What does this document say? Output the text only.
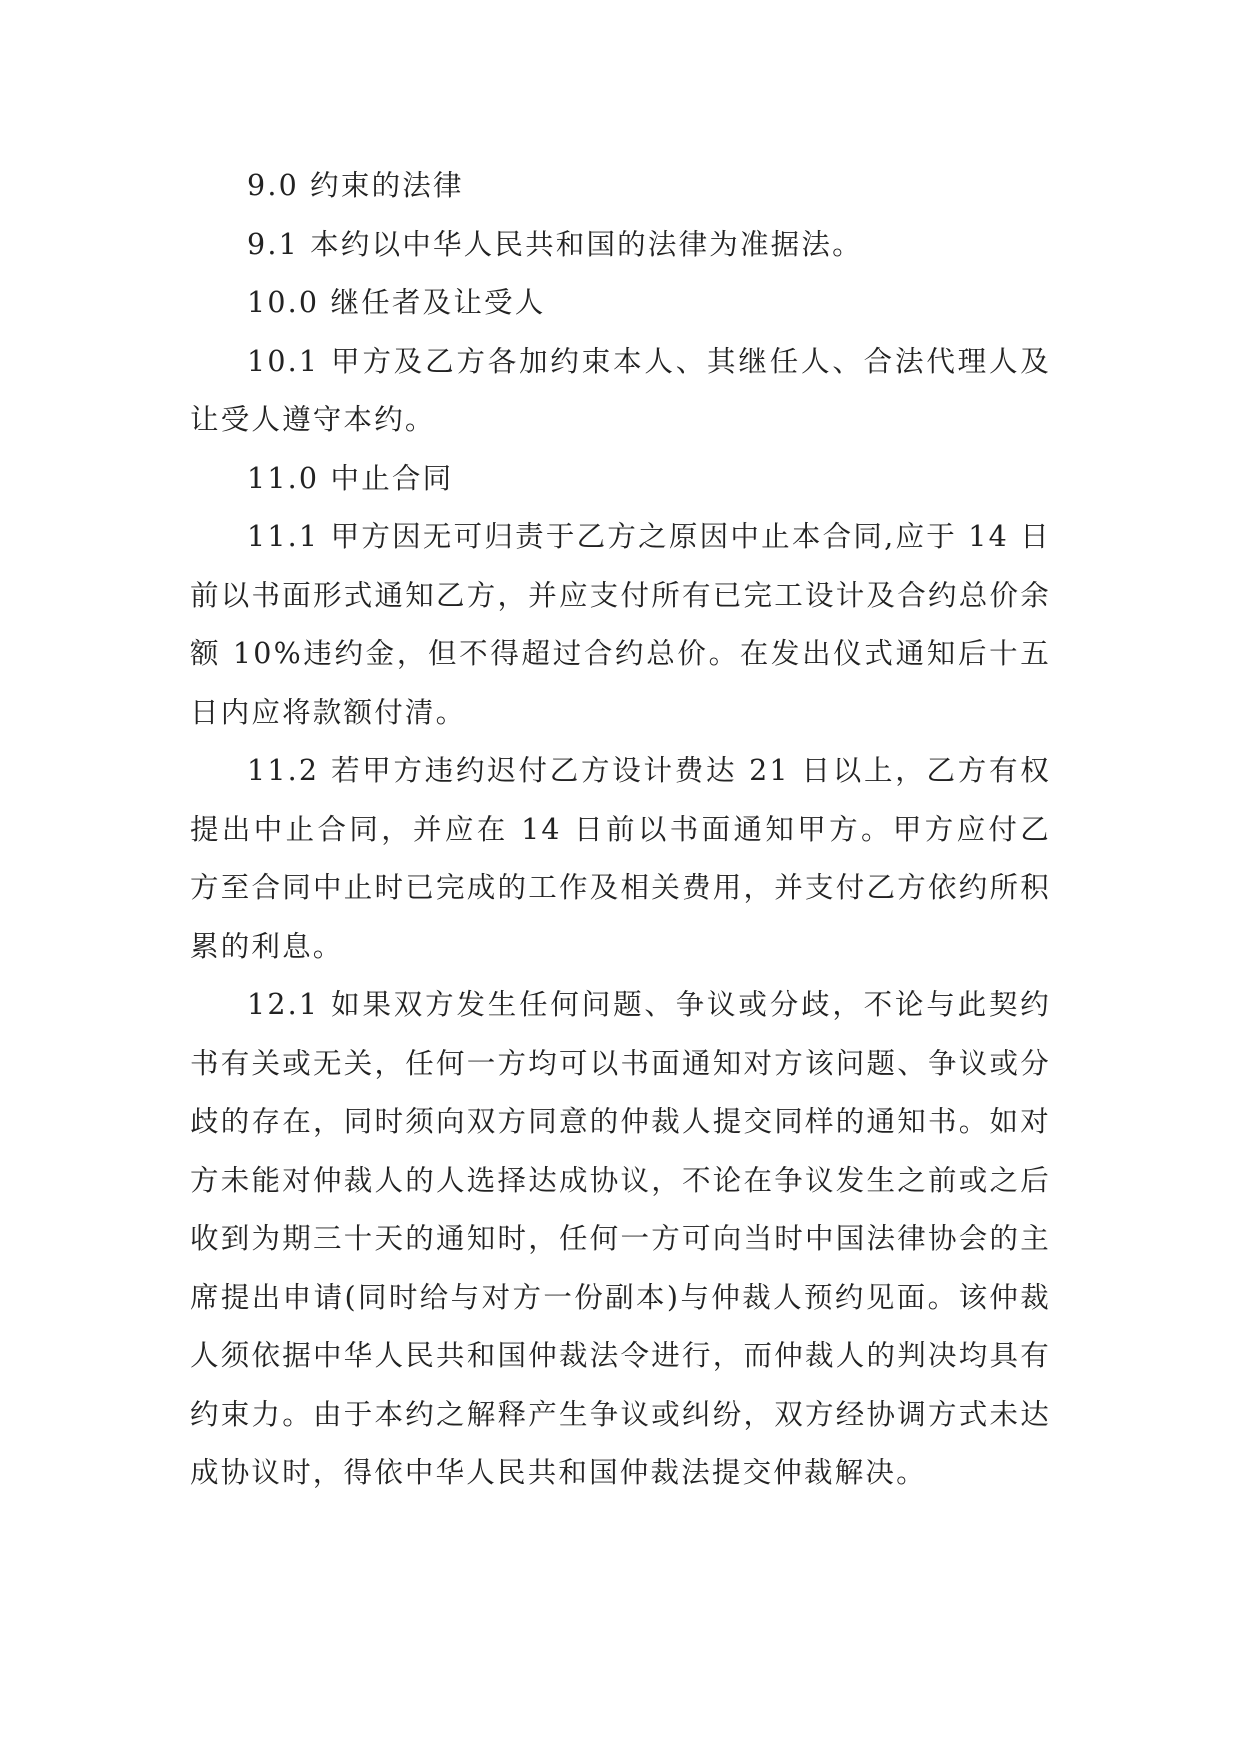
9.0 约束的法律

9.1 本约以中华人民共和国的法律为准据法。

10.0 继任者及让受人

10.1 甲方及乙方各加约束本人、其继任人、合法代理人及让受人遵守本约。

11.0 中止合同

11.1 甲方因无可归责于乙方之原因中止本合同,应于 14 日前以书面形式通知乙方，并应支付所有已完工设计及合约总价余额 10%违约金，但不得超过合约总价。在发出仪式通知后十五日内应将款额付清。

11.2 若甲方违约迟付乙方设计费达 21 日以上，乙方有权提出中止合同，并应在 14 日前以书面通知甲方。甲方应付乙方至合同中止时已完成的工作及相关费用，并支付乙方依约所积累的利息。

12.1 如果双方发生任何问题、争议或分歧，不论与此契约书有关或无关，任何一方均可以书面通知对方该问题、争议或分歧的存在，同时须向双方同意的仲裁人提交同样的通知书。如对方未能对仲裁人的人选择达成协议，不论在争议发生之前或之后收到为期三十天的通知时，任何一方可向当时中国法律协会的主席提出申请(同时给与对方一份副本)与仲裁人预约见面。该仲裁人须依据中华人民共和国仲裁法令进行，而仲裁人的判决均具有约束力。由于本约之解释产生争议或纠纷，双方经协调方式未达成协议时，得依中华人民共和国仲裁法提交仲裁解决。
